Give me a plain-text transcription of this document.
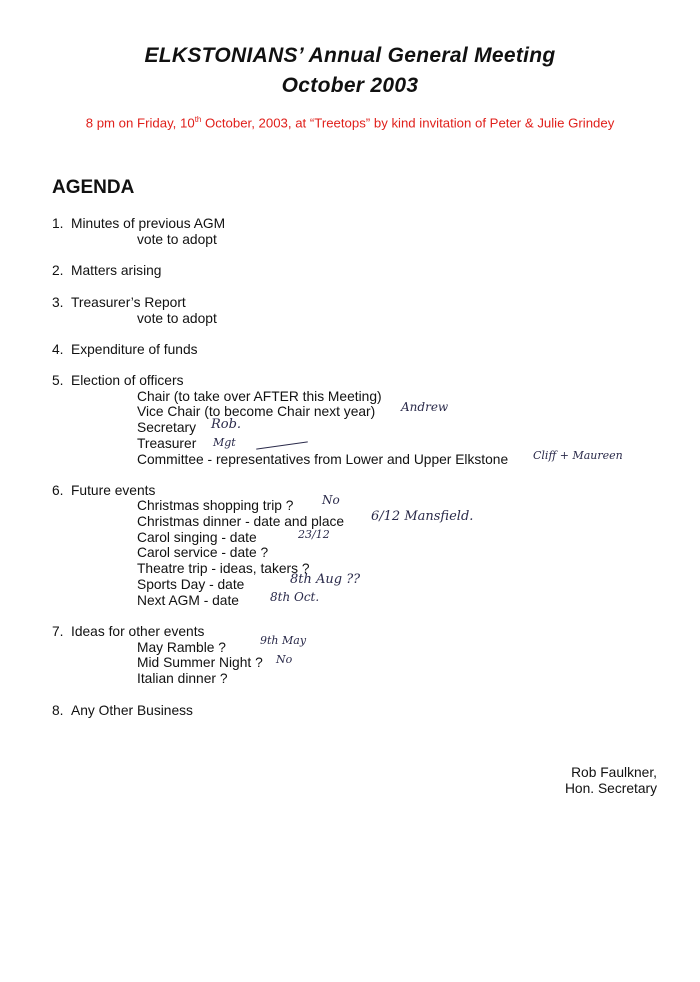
ELKSTONIANS’ Annual General Meeting
October 2003
8 pm on Friday, 10th October, 2003, at “Treetops” by kind invitation of Peter & Julie Grindey
AGENDA
1. Minutes of previous AGM
vote to adopt
2. Matters arising
3. Treasurer’s Report
vote to adopt
4. Expenditure of funds
5. Election of officers
Chair (to take over AFTER this Meeting)
Vice Chair (to become Chair next year)
Secretary
Treasurer
Committee - representatives from Lower and Upper Elkstone
6. Future events
Christmas shopping trip ?
Christmas dinner - date and place
Carol singing - date
Carol service - date ?
Theatre trip - ideas, takers ?
Sports Day - date
Next AGM - date
7. Ideas for other events
May Ramble ?
Mid Summer Night ?
Italian dinner ?
8. Any Other Business
Andrew
Rob.
Mgt
Cliff + Maureen
No
6/12 Mansfield.
23/12
8th Aug ??
8th Oct.
9th May
No
Rob Faulkner,
Hon. Secretary
